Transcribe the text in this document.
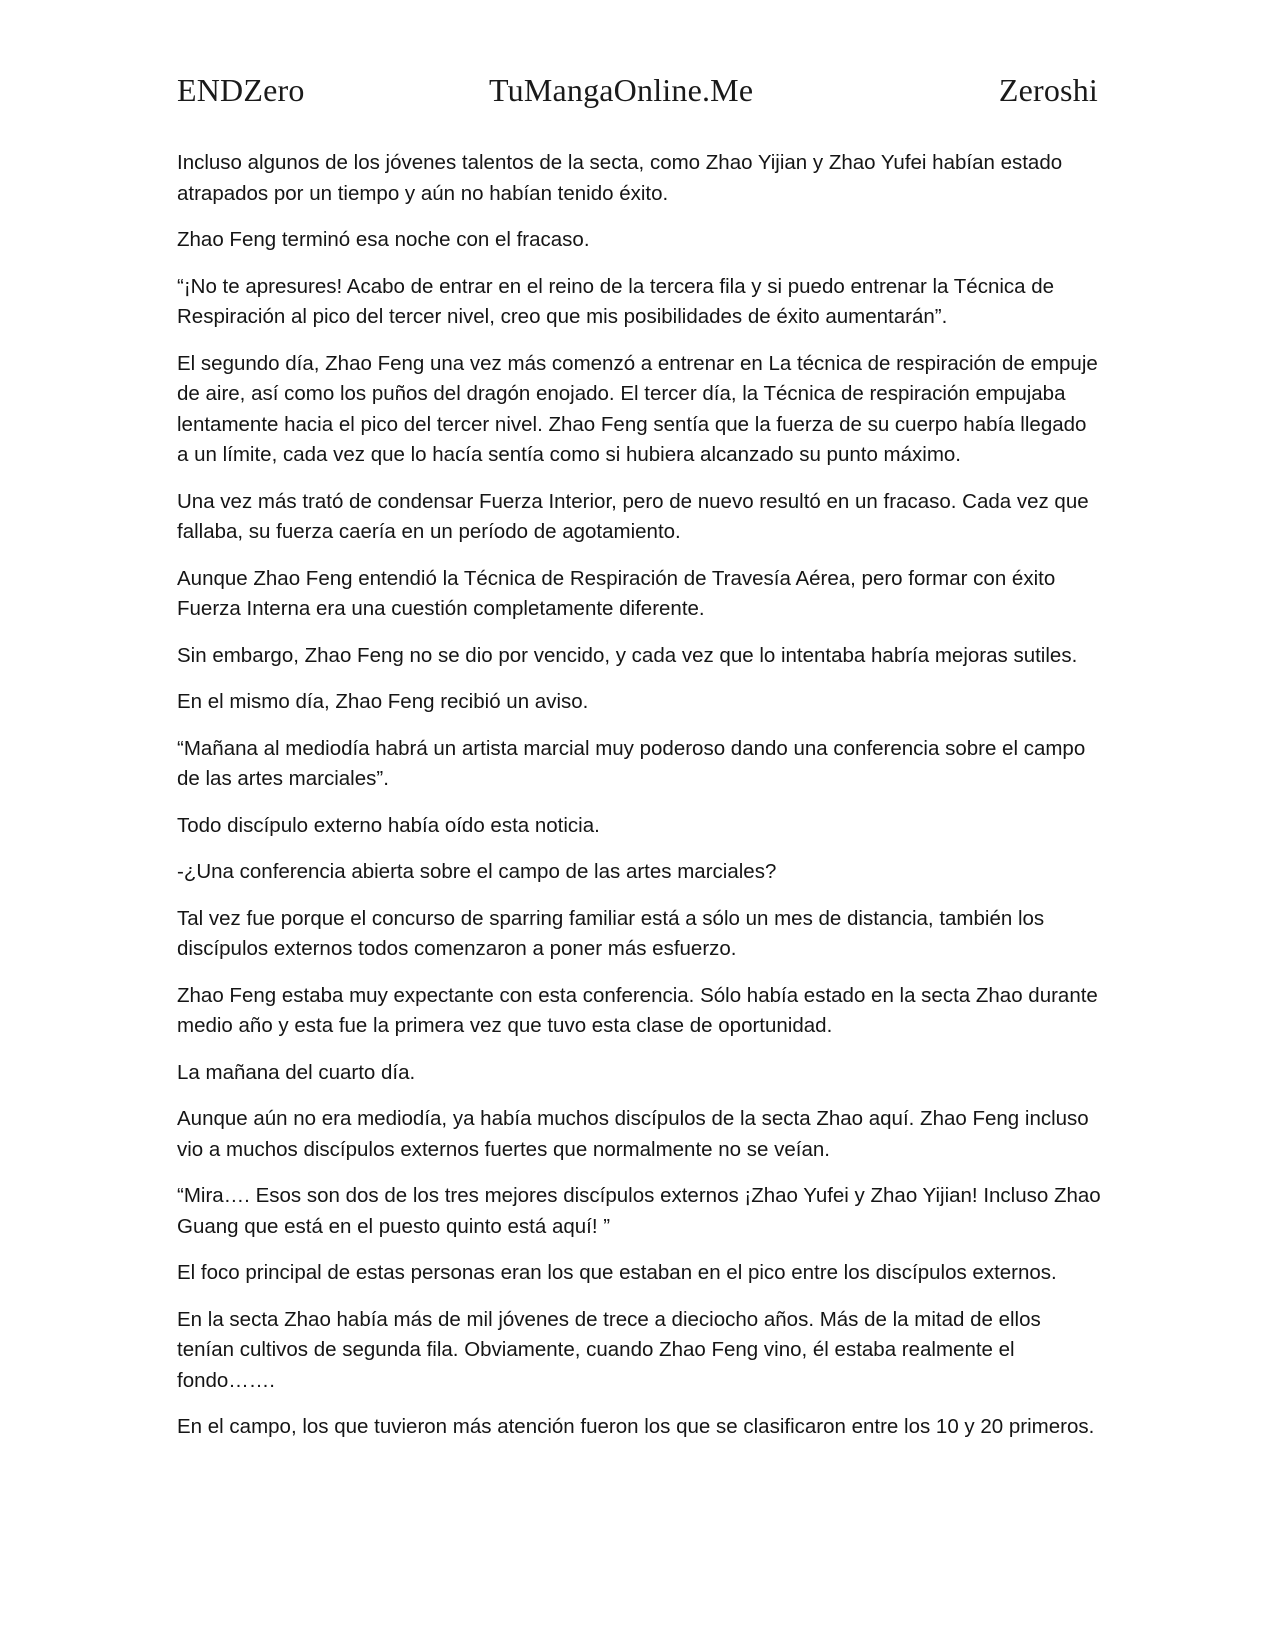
ENDZero	TuMangaOnline.Me	Zeroshi

Incluso algunos de los jóvenes talentos de la secta, como Zhao Yijian y Zhao Yufei habían estado atrapados por un tiempo y aún no habían tenido éxito.

Zhao Feng terminó esa noche con el fracaso.

“¡No te apresures! Acabo de entrar en el reino de la tercera fila y si puedo entrenar la Técnica de Respiración al pico del tercer nivel, creo que mis posibilidades de éxito aumentarán”.

El segundo día, Zhao Feng una vez más comenzó a entrenar en La técnica de respiración de empuje de aire, así como los puños del dragón enojado. El tercer día, la Técnica de respiración empujaba lentamente hacia el pico del tercer nivel. Zhao Feng sentía que la fuerza de su cuerpo había llegado a un límite, cada vez que lo hacía sentía como si hubiera alcanzado su punto máximo.

Una vez más trató de condensar Fuerza Interior, pero de nuevo resultó en un fracaso. Cada vez que fallaba, su fuerza caería en un período de agotamiento.

Aunque Zhao Feng entendió la Técnica de Respiración de Travesía Aérea, pero formar con éxito Fuerza Interna era una cuestión completamente diferente.

Sin embargo, Zhao Feng no se dio por vencido, y cada vez que lo intentaba habría mejoras sutiles.

En el mismo día, Zhao Feng recibió un aviso.

“Mañana al mediodía habrá un artista marcial muy poderoso dando una conferencia sobre el campo de las artes marciales”.

Todo discípulo externo había oído esta noticia.

-¿Una conferencia abierta sobre el campo de las artes marciales?

Tal vez fue porque el concurso de sparring familiar está a sólo un mes de distancia, también los discípulos externos todos comenzaron a poner más esfuerzo.

Zhao Feng estaba muy expectante con esta conferencia. Sólo había estado en la secta Zhao durante medio año y esta fue la primera vez que tuvo esta clase de oportunidad.

La mañana del cuarto día.

Aunque aún no era mediodía, ya había muchos discípulos de la secta Zhao aquí. Zhao Feng incluso vio a muchos discípulos externos fuertes que normalmente no se veían.

“Mira…. Esos son dos de los tres mejores discípulos externos ¡Zhao Yufei y Zhao Yijian! Incluso Zhao Guang que está en el puesto quinto está aquí! ”

El foco principal de estas personas eran los que estaban en el pico entre los discípulos externos.

En la secta Zhao había más de mil jóvenes de trece a dieciocho años. Más de la mitad de ellos tenían cultivos de segunda fila. Obviamente, cuando Zhao Feng vino, él estaba realmente el fondo…….

En el campo, los que tuvieron más atención fueron los que se clasificaron entre los 10 y 20 primeros.
